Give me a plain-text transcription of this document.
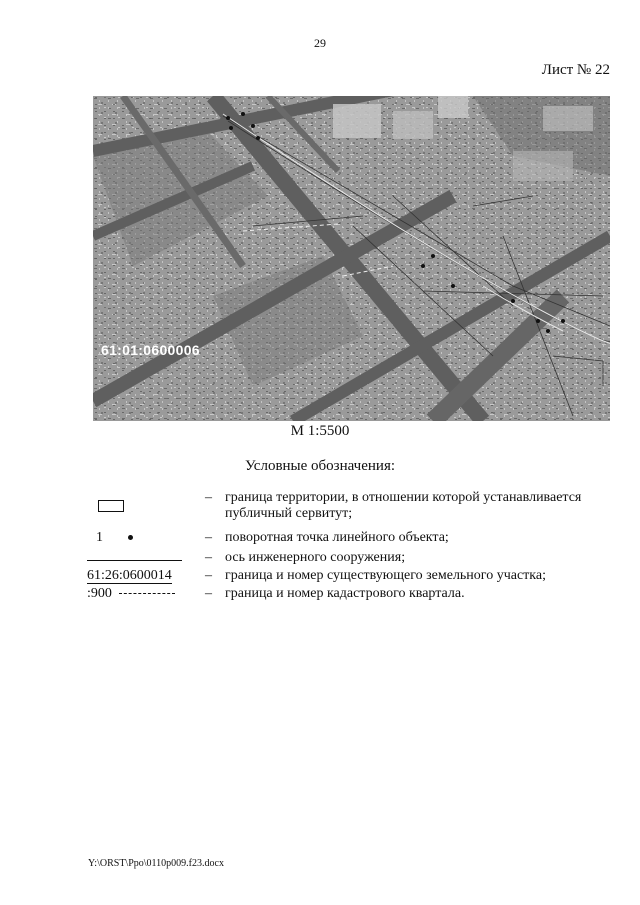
29
Лист № 22
61:01:0600006
М 1:5500
Условные обозначения:
– граница территории, в отношении которой устанавливается публичный сервитут;
1	– поворотная точка линейного объекта;
– ось инженерного сооружения;
61:26:0600014	– граница и номер существующего земельного участка;
:900	– граница и номер кадастрового квартала.
Y:\ORST\Ppo\0110p009.f23.docx
